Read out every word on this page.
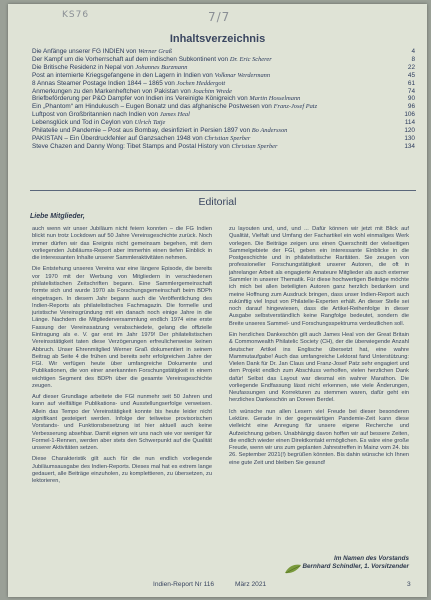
KS76	7/7
Inhaltsverzeichnis
Die Anfänge unserer FG INDIEN von Werner Graß	4
Der Kampf um die Vorherrschaft auf dem indischen Subkontinent von Dr. Eric Scherer	8
Die Britische Residenz in Nepal von Johannes Burzmann	22
Post an internierte Kriegsgefangene in den Lagern in Indien von Volkmar Werdermann	45
8 Annas Steamer Postage Indien 1844 – 1865 von Jochen Heddergott	61
Anmerkungen zu den Markenheftchen von Pakistan von Joachim Wrede	74
Briefbeförderung per P&O Dampfer von Indien ins Vereinigte Königreich von Martin Hosselmann	90
Ein „Phantom“ am Hindukusch – Eugen Bonatz und das afghanische Postwesen von Franz-Josef Patz	96
Luftpost von Großbritannien nach Indien von James Heal	106
Lebensglück und Tod in Ceylon von Ulrich Tatje	114
Philatelie und Pandemie – Post aus Bombay, desinfiziert in Persien 1897 von Bo Andersson	120
PAKISTAN – Ein Überdruckfehler auf Ganzsachen 1948 von Christian Sperber	130
Steve Chazen and Danny Wong: Tibet Stamps and Postal History von Christian Sperber	134
Editorial
Liebe Mitglieder,

auch wenn wir unser Jubiläum nicht feiern konnten – die FG Indien blickt nun trotz Lockdown auf 50 Jahre Vereinsgeschichte zurück. Noch immer dürfen wir das Ereignis nicht gemeinsam begehen, mit dem vorliegenden Jubiläums-Report aber immerhin einen tiefen Einblick in die interessanten Inhalte unserer Sammleraktivitäten nehmen.

Die Entstehung unseres Vereins war eine längere Episode, die bereits vor 1970 mit der Werbung von Mitgliedern in verschiedenen philatelistischen Zeitschriften begann. Eine Sammlergemeinschaft formte sich und wurde 1970 als Forschungsgemeinschaft beim BDPh eingetragen. In diesem Jahr begann auch die Veröffentlichung des Indien-Reports als philatelistisches Fachmagazin. Die formelle und juristische Vereinsgründung mit ein danach noch einige Jahre in die Länge. Nachdem die Mitgliederversammlung endlich 1974 eine erste Fassung der Vereinssatzung verabschiedete, gelang die offizielle Eintragung als e. V. gar erst im Jahr 1979! Der philatelistischen Vereinsstätigkeit taten diese Verzögerungen erfreulicherweise keinen Abbruch. Unser Ehrenmitglied Werner Graß dokumentiert in seinem Beitrag ab Seite 4 die frühen und bereits sehr erfolgreichen Jahre der FGI. Wir verfügen heute über umfangreiche Dokumente und Publikationen, die von einer anerkannten Forschungstätigkeit in einem wichtigen Segment des BDPh über die gesamte Vereinsgeschichte zeugen.

Auf dieser Grundlage arbeitete die FGI nunmehr seit 50 Jahren und kann auf vielfältige Publikations- und Ausstellungserfolge verweisen. Allein das Tempo der Vereinstätigkeit konnte bis heute leider nicht signifikant gesteigert werden. Infolge der teilweise provisorischen Vorstands- und Funktionsbesetzung ist hier aktuell auch keine Verbesserung absehbar. Damit eignen wir uns nach wie vor weniger für Formel-1-Rennen, werden aber stets den Schwerpunkt auf die Qualität unserer Aktivitäten setzen.

Diese Charakteristik gilt auch für die nun endlich vorliegende Jubiläumsausgabe des Indien-Reports. Dieses mal hat es extrem lange gedauert, alle Beiträge einzuholen, zu komplettieren, zu übersetzen, zu lektorieren,

zu layouten und, und, und ... Dafür können wir jetzt mit Blick auf Qualität, Vielfalt und Umfang der Fachartikel ein wohl einmaliges Werk vorlegen. Die Beiträge zeigen uns einen Querschnitt der vielseitigen Sammelgebiete der FGI, geben ein interessante Einblicke in die Postgeschichte und in philatelistische Raritäten. Sie zeugen von professioneller Forschungstätigkeit unserer Autoren, die oft in jahrelanger Arbeit als engagierte Amateure Mitglieder als auch externer Sammler in unserer Thematik. Für diese hochwertigen Beiträge möchte ich mich bei allen beteiligten Autoren ganz herzlich bedanken und meine Hoffnung zum Ausdruck bringen, dass unser Indien-Report auch zukünftig viel Input von Philatelie-Experten erhält. An dieser Stelle sei noch darauf hingewiesen, dass die Artikel-Reihenfolge in dieser Ausgabe selbstverständlich keine Rangfolge bedeutet, sondern die Breite unseres Sammel- und Forschungsspektrums verdeutlichen soll.

Ein herzliches Dankeschön gilt auch James Heal von der Great Britain & Commonwealth Philatelic Society (CH), der die überwiegende Anzahl deutscher Artikel ins Englische übersetzt hat, eine wahre Mammutaufgabe! Auch das umfangreiche Lektorat fand Unterstützung: Vielen Dank für Dr. Jan Claus und Franz-Josef Patz sehr engagiert und dem Projekt endlich zum Abschluss verholfen, vielen herzlichen Dank dafür! Selbst das Layout war diesmal ein wahrer Marathon. Die vorliegende Endfassung lässt nicht erkennen, wie viele Änderungen, Neufassungen und Korrekturen zu stemmen waren, dafür geht ein herzliches Dankeschön an Doreen Berdel.

Ich wünsche nun allen Lesern viel Freude bei dieser besonderen Lektüre. Gerade in der gegenwärtigen Pandemie-Zeit kann diese vielleicht eine Anregung für unsere eigene Recherche und Aufzeichnung geben. Unabhängig davon hoffen wir auf bessere Zeiten, die endlich wieder einen Direktkontakt ermöglichen. Es wäre eine große Freude, wenn wir uns zum geplanten Jahrestreffen in Mainz vom 24. bis 26. September 2021(!) begrüßen könnten. Bis dahin wünsche ich Ihnen eine gute Zeit und bleiben Sie gesund!

Im Namen des Vorstands
Bernhard Schindler, 1. Vorsitzender
Indien-Report Nr 116	März 2021	3
